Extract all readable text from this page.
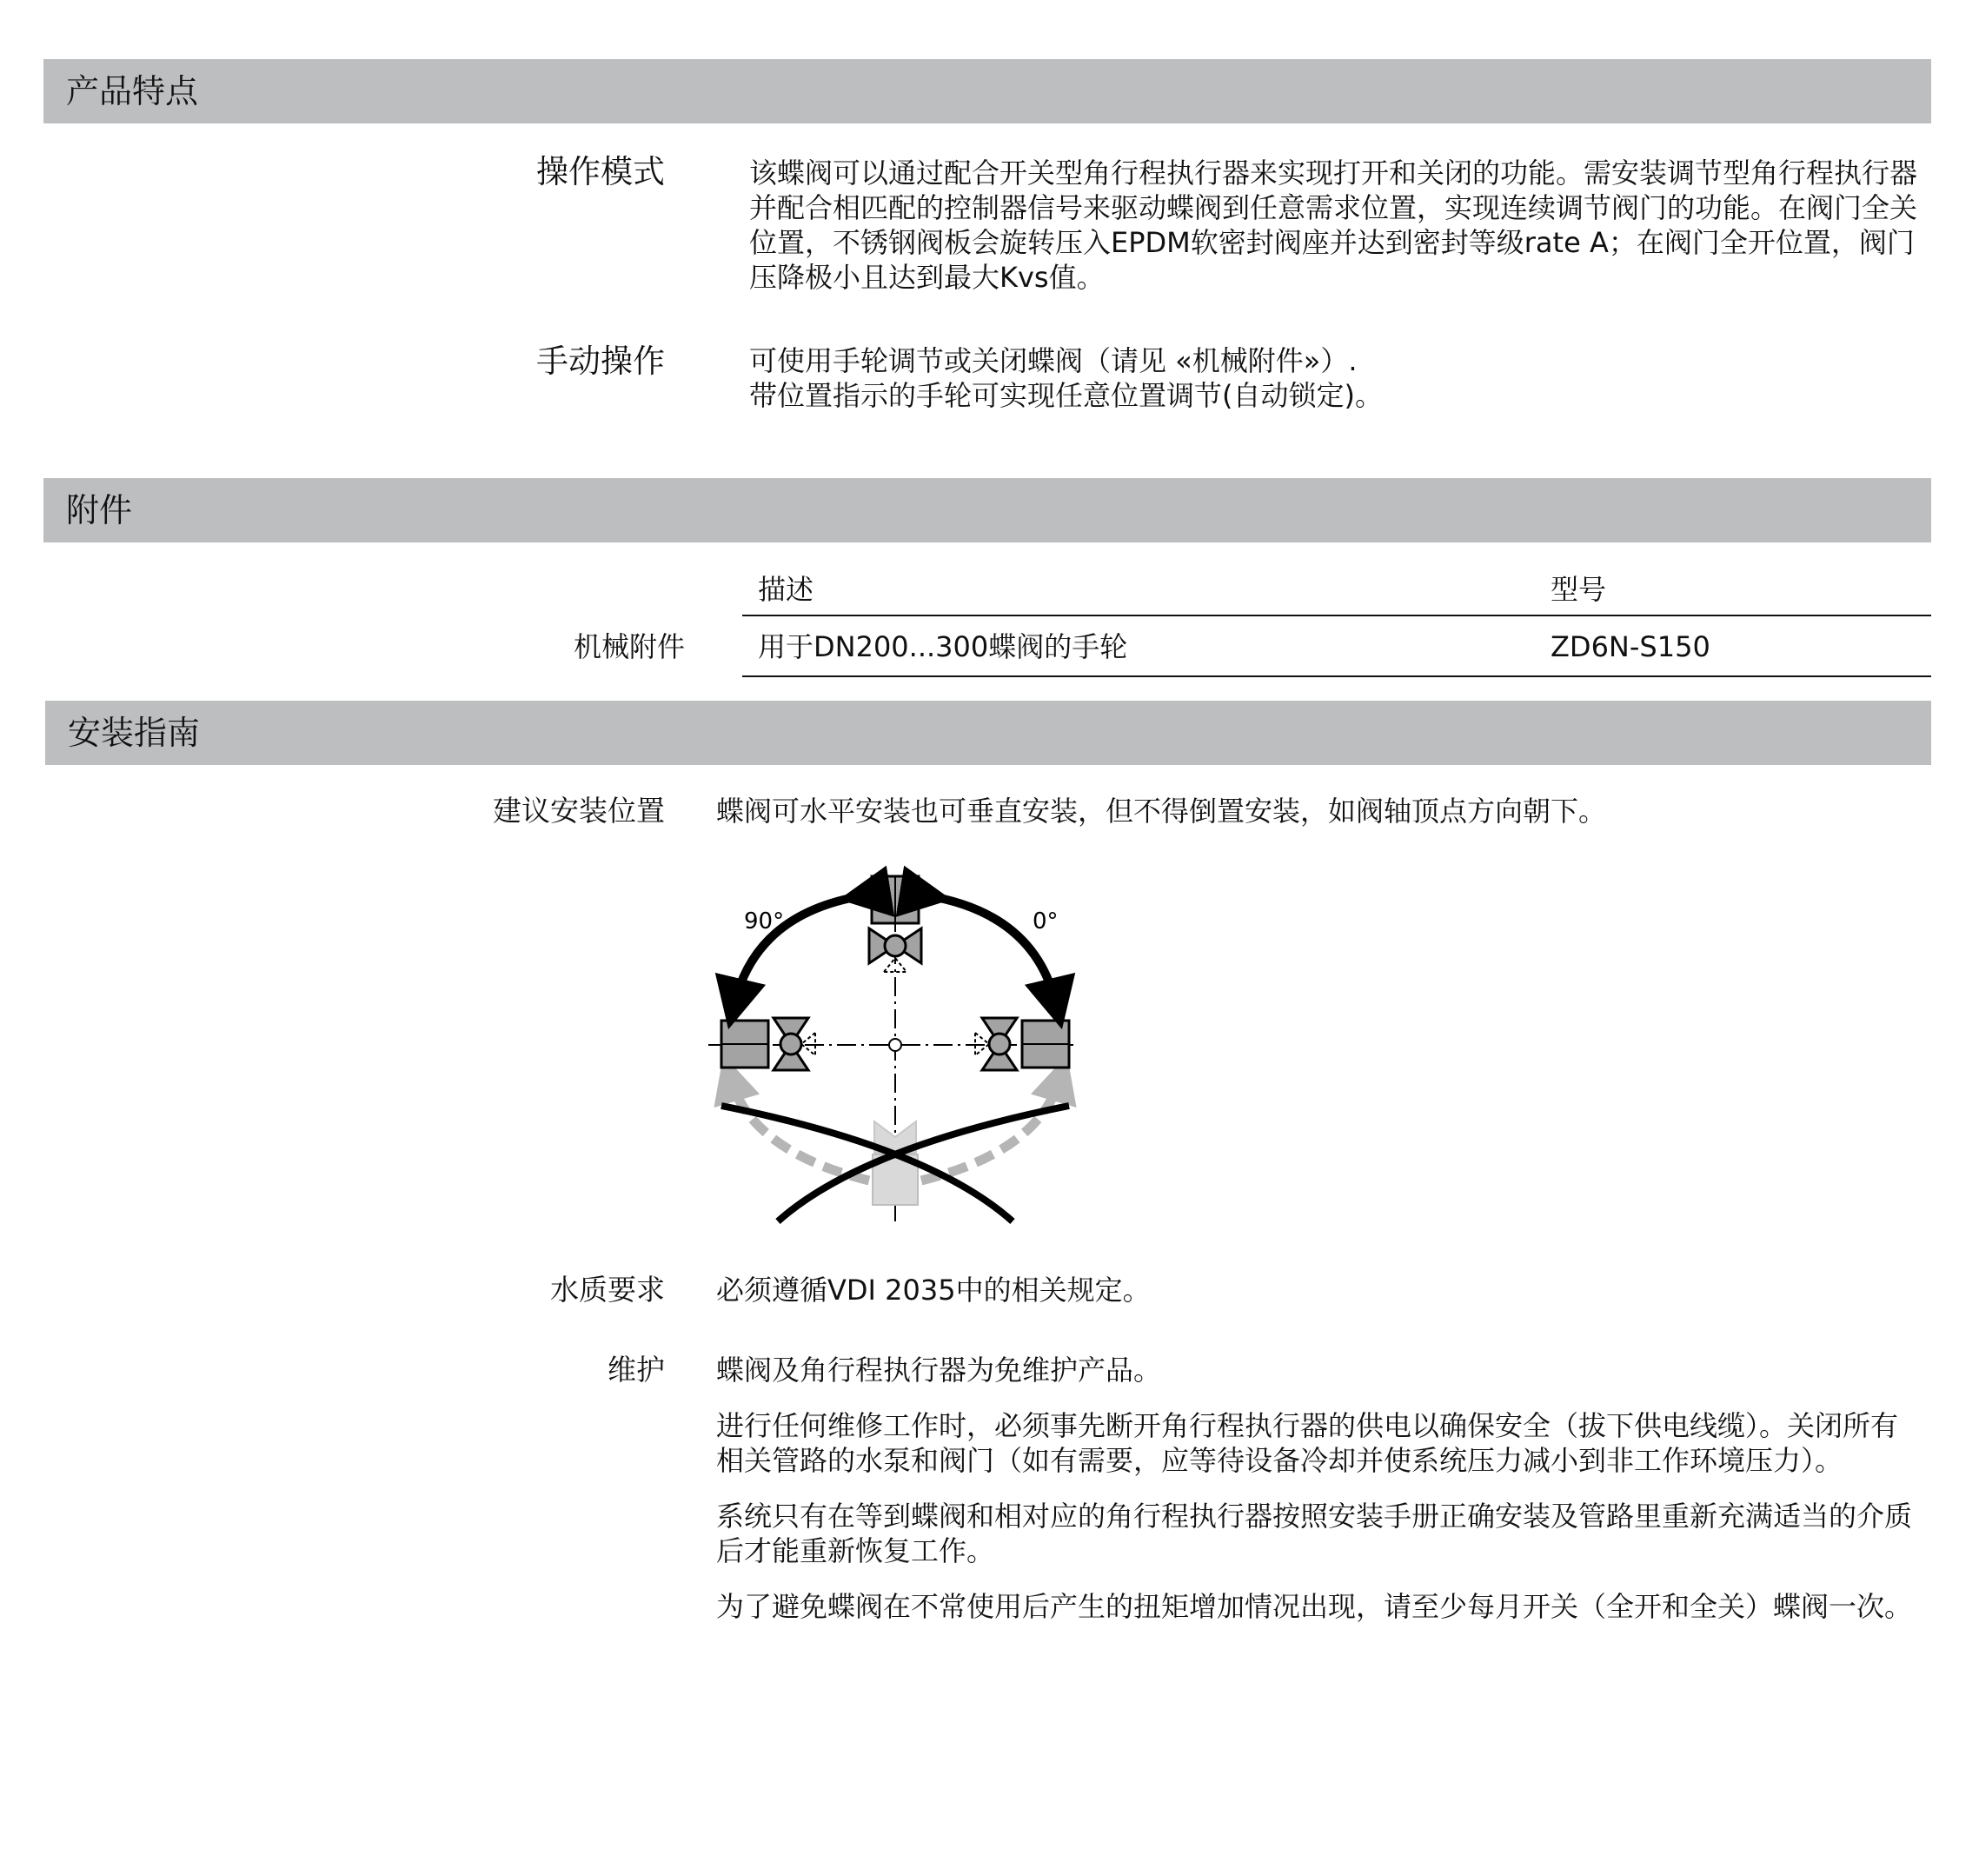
产品特点
操作模式	该蝶阀可以通过配合开关型角行程执行器来实现打开和关闭的功能。需安装调节型角行程执行器并配合相匹配的控制器信号来驱动蝶阀到任意需求位置，实现连续调节阀门的功能。在阀门全关位置，不锈钢阀板会旋转压入EPDM软密封阀座并达到密封等级rate A；在阀门全开位置，阀门压降极小且达到最大Kvs值。

手动操作	可使用手轮调节或关闭蝶阀（请见 «机械附件»）.

带位置指示的手轮可实现任意位置调节(自动锁定)。

附件
描述	型号
机械附件	用于DN200...300蝶阀的手轮	ZD6N-S150
安装指南
建议安装位置 蝶阀可水平安装也可垂直安装，但不得倒置安装，如阀轴顶点方向朝下。

90°	0°
水质要求 必须遵循VDI 2035中的相关规定。

维护 蝶阀及角行程执行器为免维护产品。

进行任何维修工作时，必须事先断开角行程执行器的供电以确保安全（拔下供电线缆）。关闭所有相关管路的水泵和阀门（如有需要，应等待设备冷却并使系统压力减小到非工作环境压力）。

系统只有在等到蝶阀和相对应的角行程执行器按照安装手册正确安装及管路里重新充满适当的介质后才能重新恢复工作。

为了避免蝶阀在不常使用后产生的扭矩增加情况出现，请至少每月开关（全开和全关）蝶阀一次。
